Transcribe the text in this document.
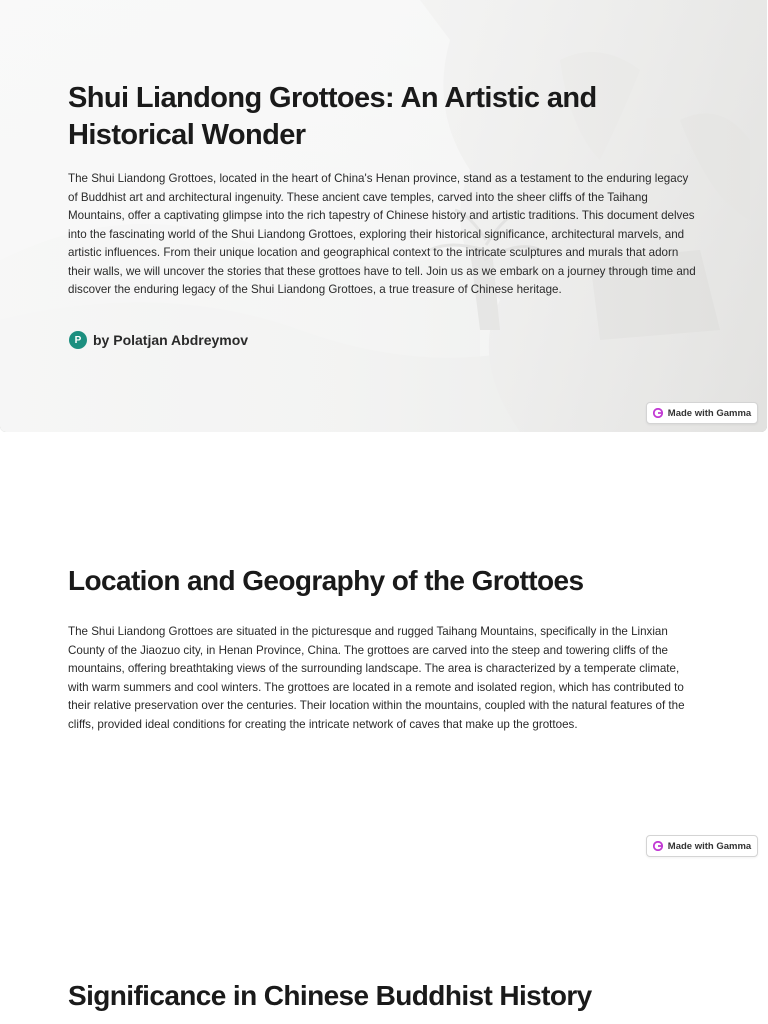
Shui Liandong Grottoes: An Artistic and Historical Wonder

The Shui Liandong Grottoes, located in the heart of China's Henan province, stand as a testament to the enduring legacy of Buddhist art and architectural ingenuity. These ancient cave temples, carved into the sheer cliffs of the Taihang Mountains, offer a captivating glimpse into the rich tapestry of Chinese history and artistic traditions. This document delves into the fascinating world of the Shui Liandong Grottoes, exploring their historical significance, architectural marvels, and artistic influences. From their unique location and geographical context to the intricate sculptures and murals that adorn their walls, we will uncover the stories that these grottoes have to tell. Join us as we embark on a journey through time and discover the enduring legacy of the Shui Liandong Grottoes, a true treasure of Chinese heritage.

P by Polatjan Abdreymov
Made with Gamma
Location and Geography of the Grottoes

The Shui Liandong Grottoes are situated in the picturesque and rugged Taihang Mountains, specifically in the Linxian County of the Jiaozuo city, in Henan Province, China. The grottoes are carved into the steep and towering cliffs of the mountains, offering breathtaking views of the surrounding landscape. The area is characterized by a temperate climate, with warm summers and cool winters. The grottoes are located in a remote and isolated region, which has contributed to their relative preservation over the centuries. Their location within the mountains, coupled with the natural features of the cliffs, provided ideal conditions for creating the intricate network of caves that make up the grottoes.

Made with Gamma
Significance in Chinese Buddhist History
